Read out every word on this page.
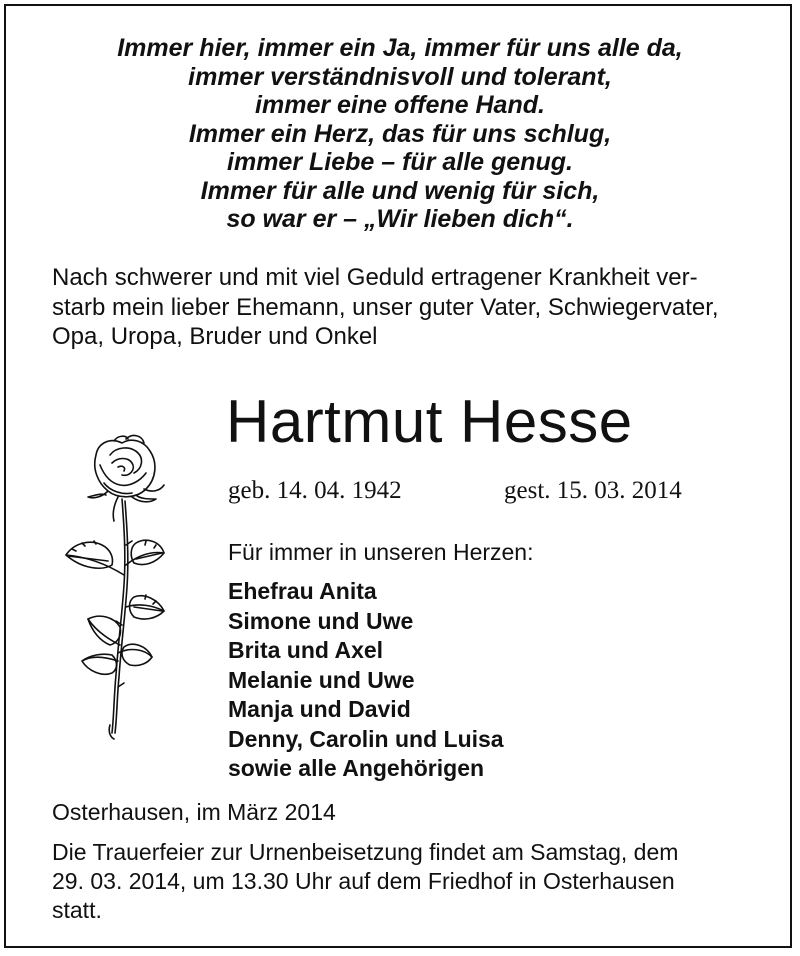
Immer hier, immer ein Ja, immer für uns alle da,
immer verständnisvoll und tolerant,
immer eine offene Hand.
Immer ein Herz, das für uns schlug,
immer Liebe – für alle genug.
Immer für alle und wenig für sich,
so war er – „Wir lieben dich“.
Nach schwerer und mit viel Geduld ertragener Krankheit ver-
starb mein lieber Ehemann, unser guter Vater, Schwiegervater,
Opa, Uropa, Bruder und Onkel
Hartmut Hesse
geb. 14. 04. 1942	gest. 15. 03. 2014
Für immer in unseren Herzen:
Ehefrau Anita
Simone und Uwe
Brita und Axel
Melanie und Uwe
Manja und David
Denny, Carolin und Luisa
sowie alle Angehörigen
Osterhausen, im März 2014
Die Trauerfeier zur Urnenbeisetzung findet am Samstag, dem
29. 03. 2014, um 13.30 Uhr auf dem Friedhof in Osterhausen
statt.
